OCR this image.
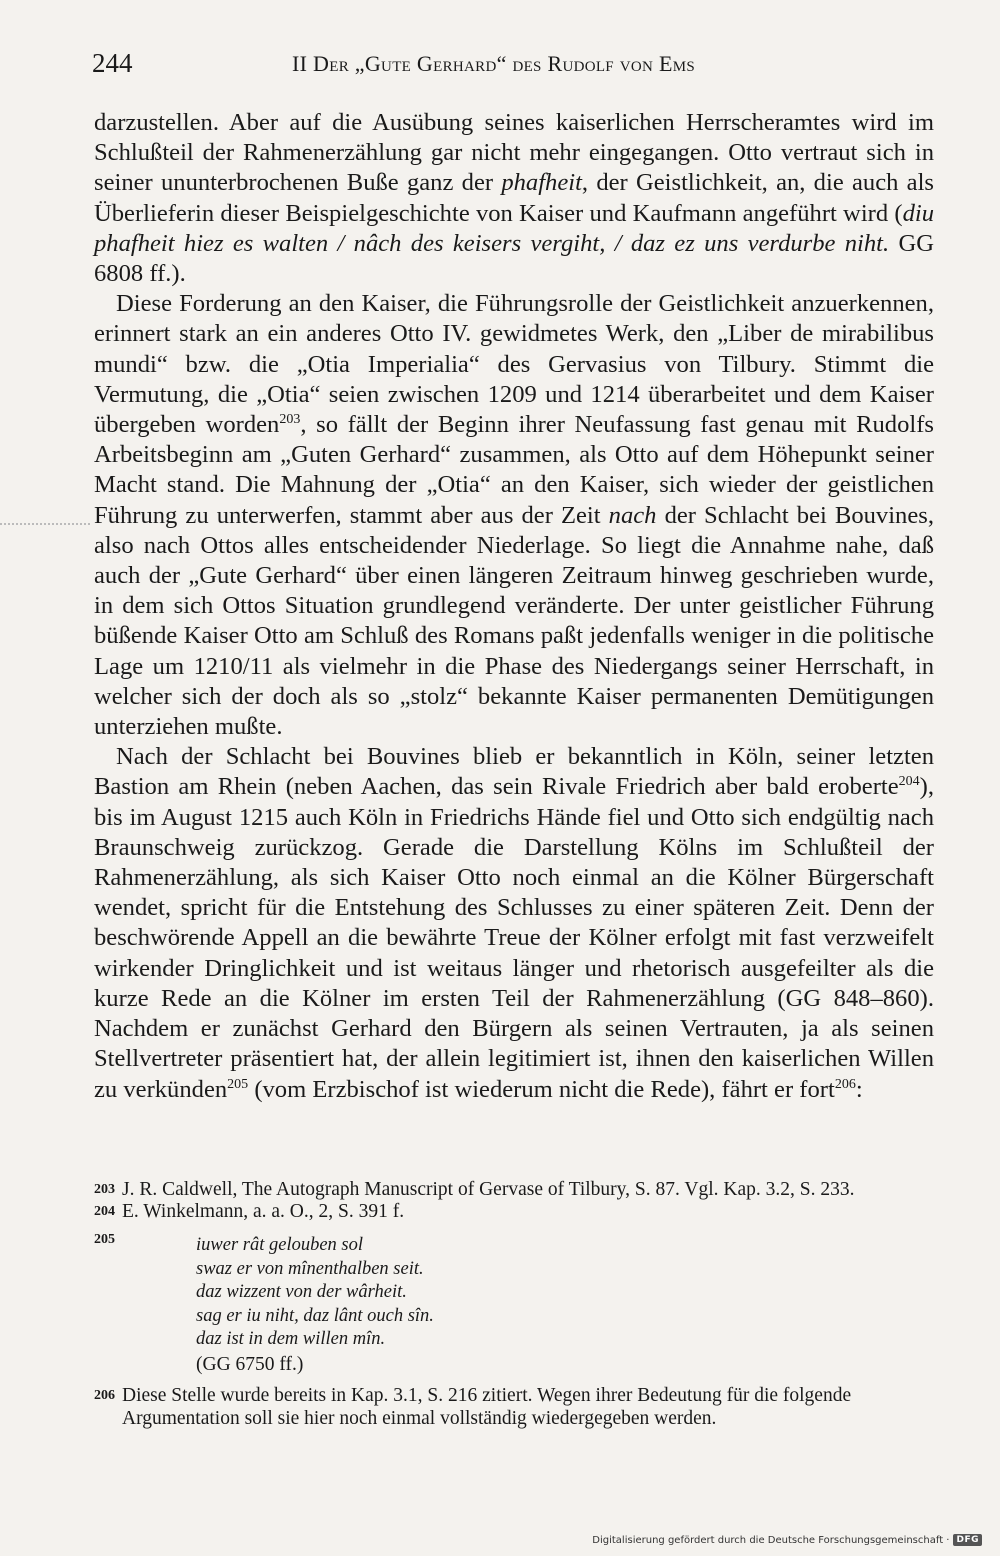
244	II Der „Gute Gerhard“ des Rudolf von Ems

darzustellen. Aber auf die Ausübung seines kaiserlichen Herrscheramtes wird im Schlußteil der Rahmenerzählung gar nicht mehr eingegangen. Otto vertraut sich in seiner ununterbrochenen Buße ganz der phafheit, der Geistlichkeit, an, die auch als Überlieferin dieser Beispielgeschichte von Kaiser und Kaufmann angeführt wird (diu phafheit hiez es walten / nâch des keisers vergiht, / daz ez uns verdurbe niht. GG 6808 ff.).

Diese Forderung an den Kaiser, die Führungsrolle der Geistlichkeit anzuerkennen, erinnert stark an ein anderes Otto IV. gewidmetes Werk, den „Liber de mirabilibus mundi“ bzw. die „Otia Imperialia“ des Gervasius von Tilbury. Stimmt die Vermutung, die „Otia“ seien zwischen 1209 und 1214 überarbeitet und dem Kaiser übergeben worden$^{203}$, so fällt der Beginn ihrer Neufassung fast genau mit Rudolfs Arbeitsbeginn am „Guten Gerhard“ zusammen, als Otto auf dem Höhepunkt seiner Macht stand. Die Mahnung der „Otia“ an den Kaiser, sich wieder der geistlichen Führung zu unterwerfen, stammt aber aus der Zeit nach der Schlacht bei Bouvines, also nach Ottos alles entscheidender Niederlage. So liegt die Annahme nahe, daß auch der „Gute Gerhard“ über einen längeren Zeitraum hinweg geschrieben wurde, in dem sich Ottos Situation grundlegend veränderte. Der unter geistlicher Führung büßende Kaiser Otto am Schluß des Romans paßt jedenfalls weniger in die politische Lage um 1210/11 als vielmehr in die Phase des Niedergangs seiner Herrschaft, in welcher sich der doch als so „stolz“ bekannte Kaiser permanenten Demütigungen unterziehen mußte.

Nach der Schlacht bei Bouvines blieb er bekanntlich in Köln, seiner letzten Bastion am Rhein (neben Aachen, das sein Rivale Friedrich aber bald eroberte$^{204}$), bis im August 1215 auch Köln in Friedrichs Hände fiel und Otto sich endgültig nach Braunschweig zurückzog. Gerade die Darstellung Kölns im Schlußteil der Rahmenerzählung, als sich Kaiser Otto noch einmal an die Kölner Bürgerschaft wendet, spricht für die Entstehung des Schlusses zu einer späteren Zeit. Denn der beschwörende Appell an die bewährte Treue der Kölner erfolgt mit fast verzweifelt wirkender Dringlichkeit und ist weitaus länger und rhetorisch ausgefeilter als die kurze Rede an die Kölner im ersten Teil der Rahmenerzählung (GG 848–860). Nachdem er zunächst Gerhard den Bürgern als seinen Vertrauten, ja als seinen Stellvertreter präsentiert hat, der allein legitimiert ist, ihnen den kaiserlichen Willen zu verkünden$^{205}$ (vom Erzbischof ist wiederum nicht die Rede), fährt er fort$^{206}$:

203 J. R. Caldwell, The Autograph Manuscript of Gervase of Tilbury, S. 87. Vgl. Kap. 3.2, S. 233.
204 E. Winkelmann, a. a. O., 2, S. 391 f.
205	iuwer rât gelouben sol
swaz er von mînenthalben seit.
daz wizzent von der wârheit.
sag er iu niht, daz lânt ouch sîn.
daz ist in dem willen mîn.
(GG 6750 ff.)
206 Diese Stelle wurde bereits in Kap. 3.1, S. 216 zitiert. Wegen ihrer Bedeutung für die folgende
Argumentation soll sie hier noch einmal vollständig wiedergegeben werden.
Digitalisierung gefördert durch die Deutsche Forschungsgemeinschaft · DFG
